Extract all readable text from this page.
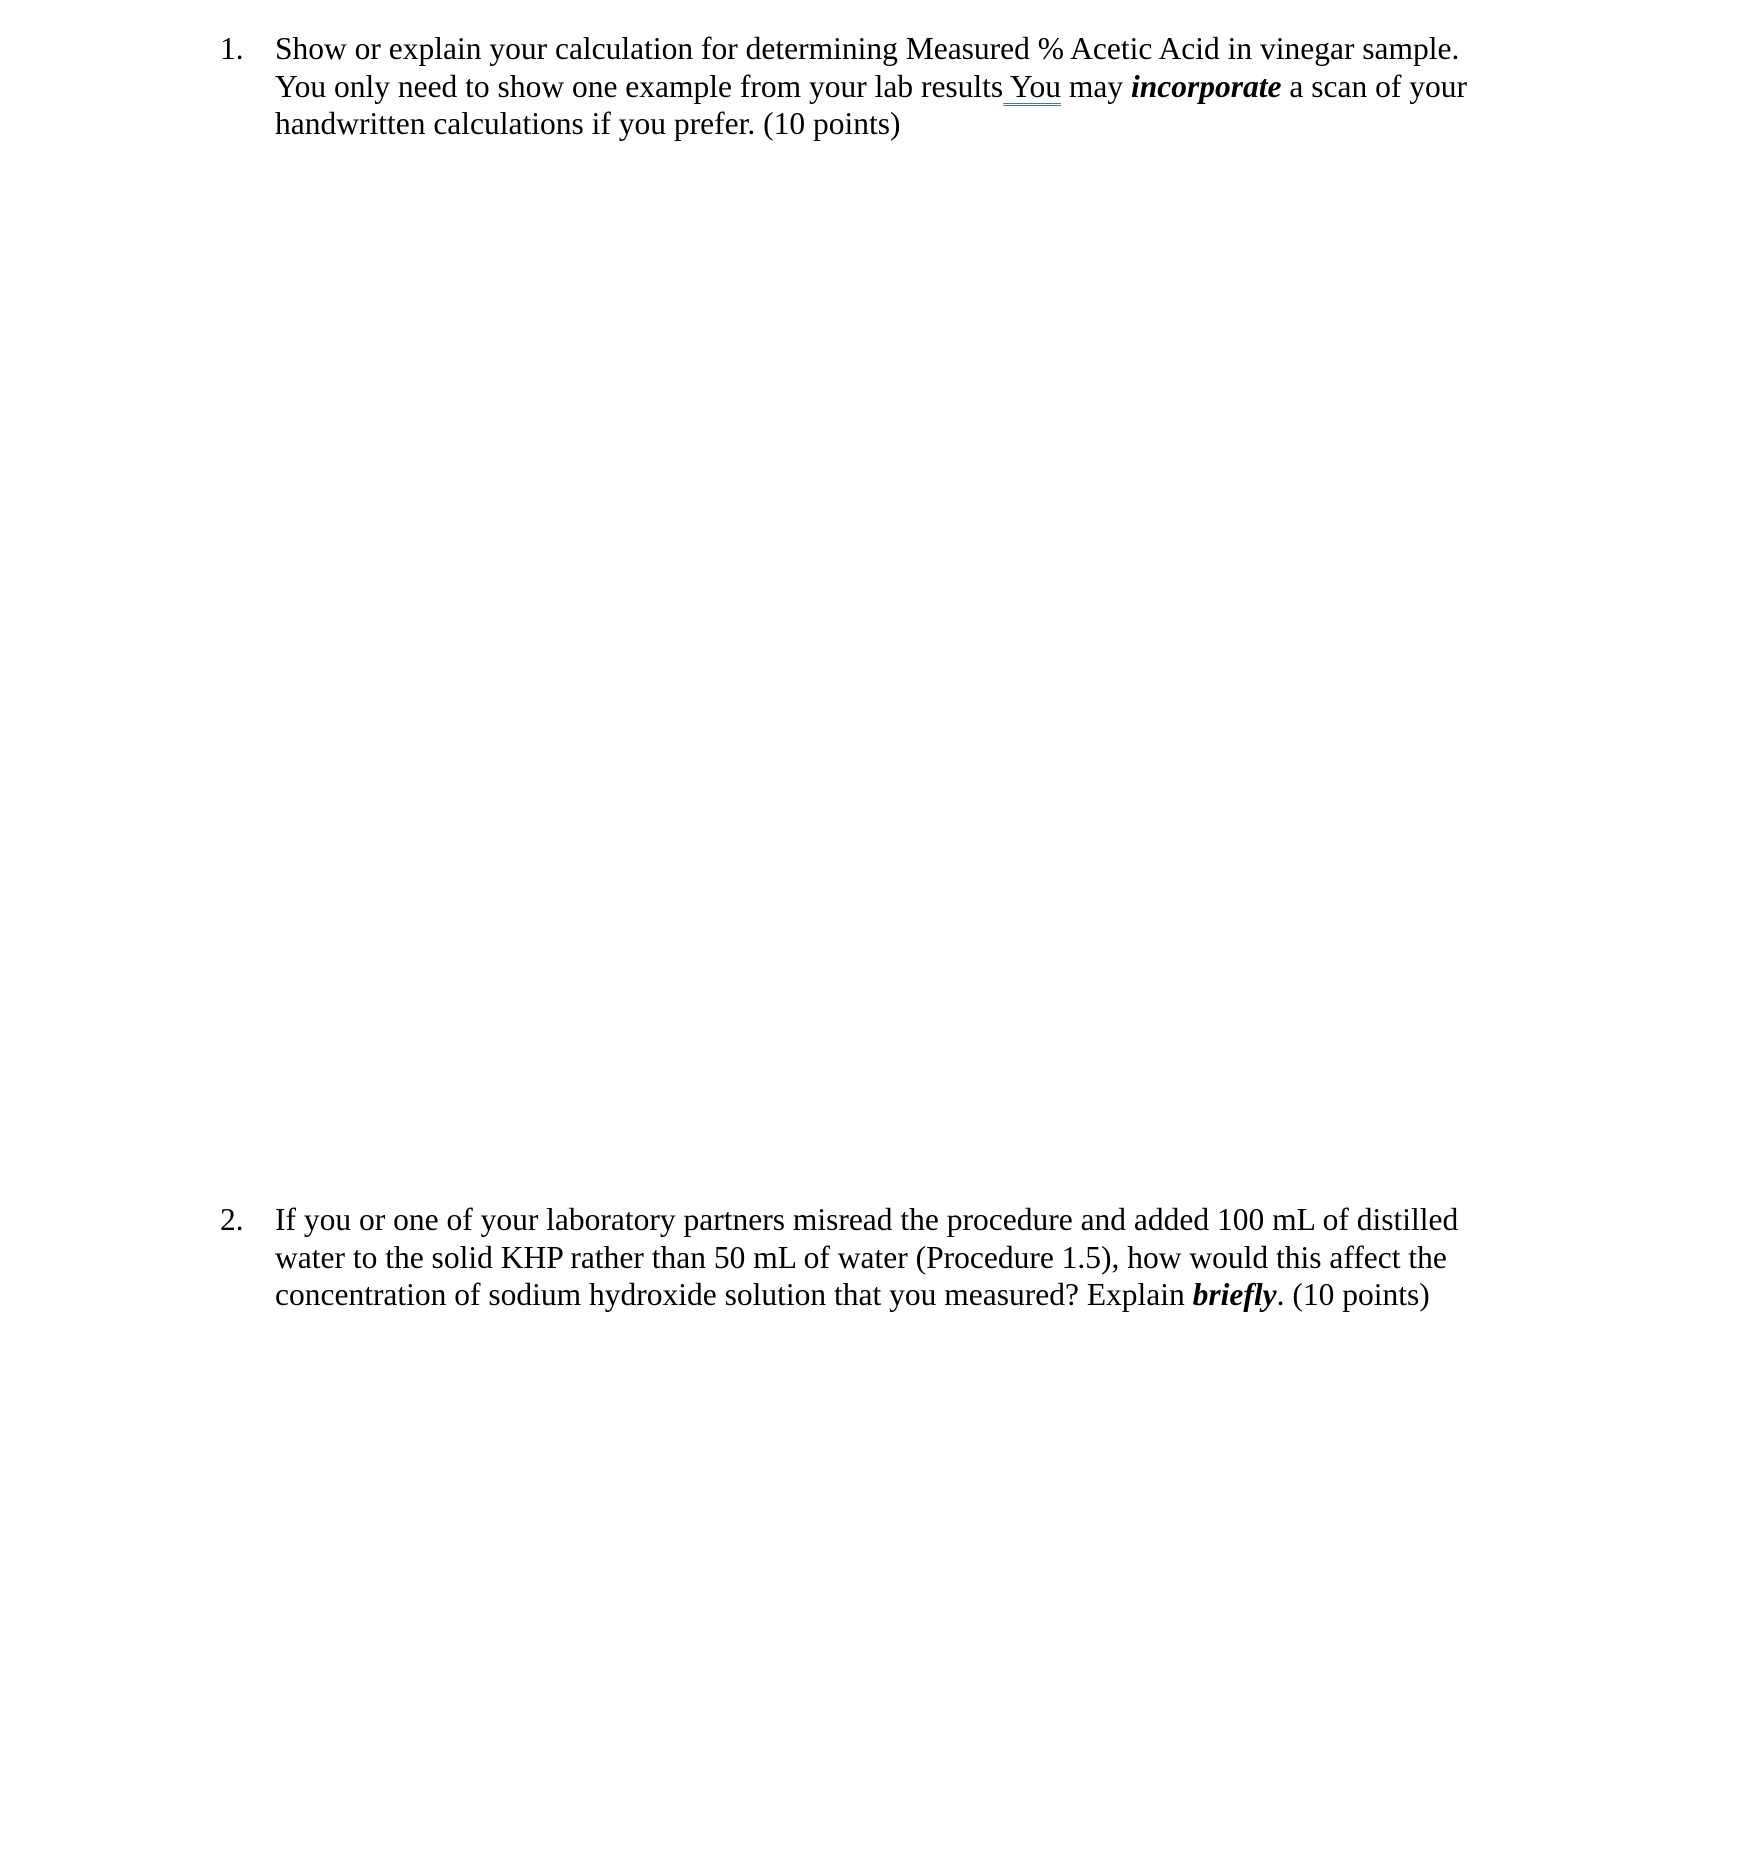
1. Show or explain your calculation for determining Measured % Acetic Acid in vinegar sample.
You only need to show one example from your lab results You may incorporate a scan of your
handwritten calculations if you prefer. (10 points)
2. If you or one of your laboratory partners misread the procedure and added 100 mL of distilled
water to the solid KHP rather than 50 mL of water (Procedure 1.5), how would this affect the
concentration of sodium hydroxide solution that you measured? Explain briefly. (10 points)
